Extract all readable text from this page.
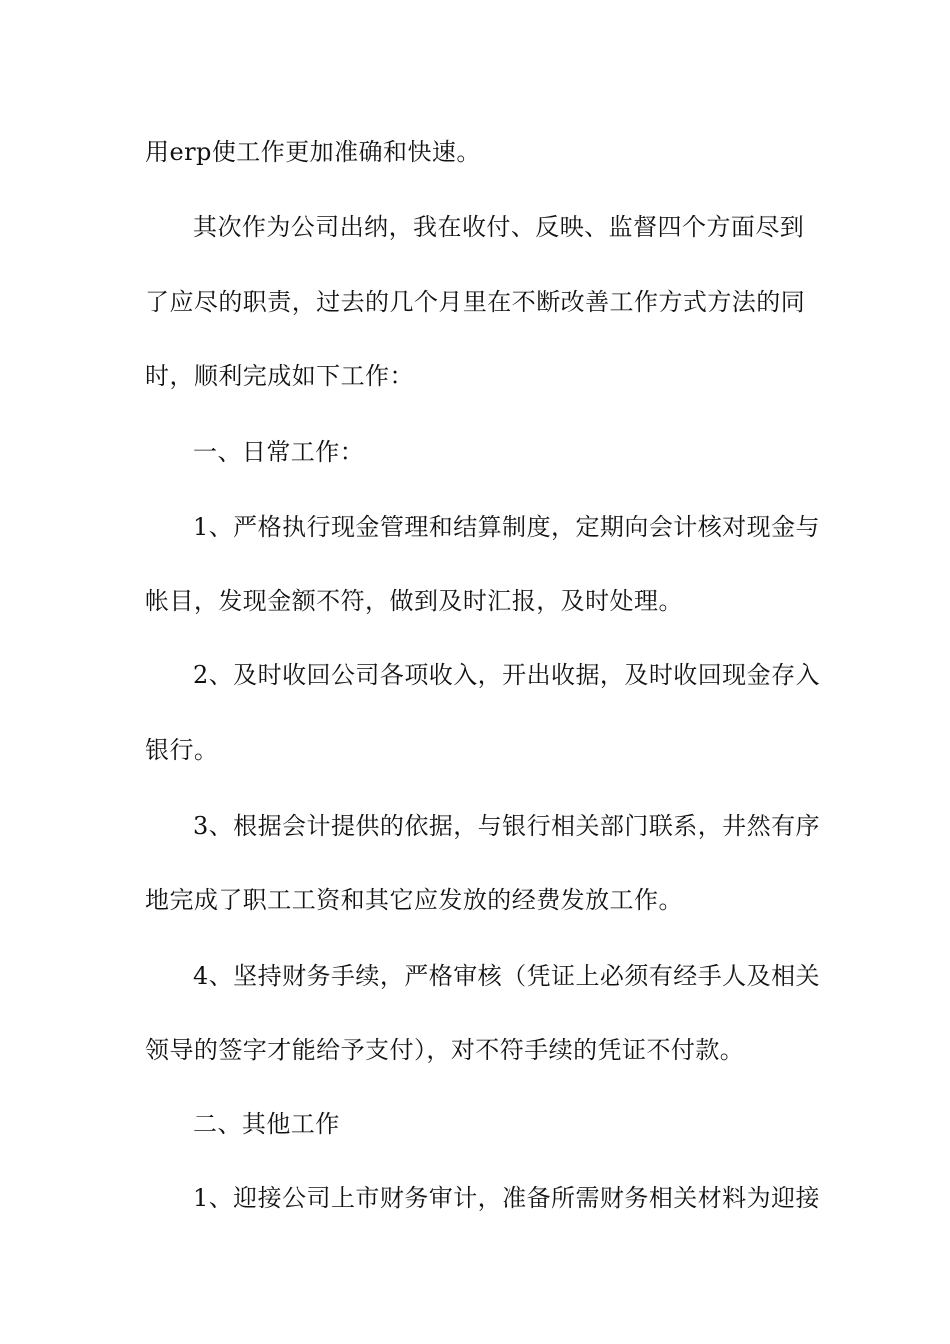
用erp使工作更加准确和快速。
其次作为公司出纳，我在收付、反映、监督四个方面尽到
了应尽的职责，过去的几个月里在不断改善工作方式方法的同
时，顺利完成如下工作：
一、日常工作：
1、严格执行现金管理和结算制度，定期向会计核对现金与
帐目，发现金额不符，做到及时汇报，及时处理。
2、及时收回公司各项收入，开出收据，及时收回现金存入
银行。
3、根据会计提供的依据，与银行相关部门联系，井然有序
地完成了职工工资和其它应发放的经费发放工作。
4、坚持财务手续，严格审核（凭证上必须有经手人及相关
领导的签字才能给予支付），对不符手续的凭证不付款。
二、其他工作
1、迎接公司上市财务审计，准备所需财务相关材料为迎接
